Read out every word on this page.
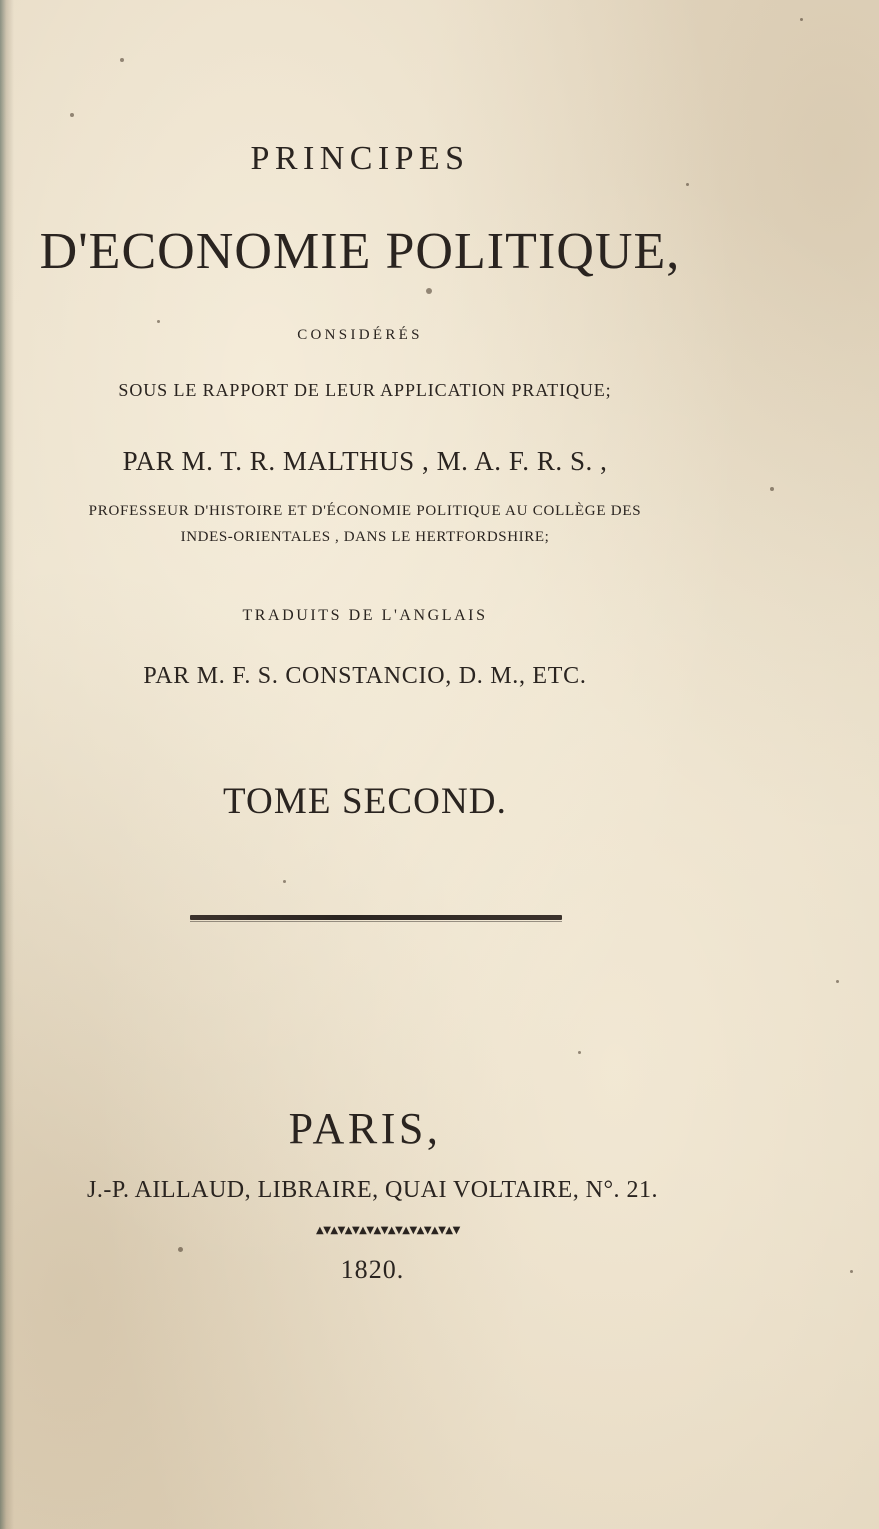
PRINCIPES
D'ECONOMIE POLITIQUE,
CONSIDÉRÉS
SOUS LE RAPPORT DE LEUR APPLICATION PRATIQUE;
PAR M. T. R. MALTHUS , M. A. F. R. S. ,
PROFESSEUR D'HISTOIRE ET D'ÉCONOMIE POLITIQUE AU COLLÈGE DES
INDES-ORIENTALES , DANS LE HERTFORDSHIRE;
TRADUITS DE L'ANGLAIS
PAR M. F. S. CONSTANCIO, D. M., ETC.
TOME SECOND.
PARIS,
J.-P. AILLAUD, LIBRAIRE, QUAI VOLTAIRE, N°. 21.
▲▼▲▼▲▼▲▼▲▼▲▼▲▼▲▼▲▼▲▼
1820.
